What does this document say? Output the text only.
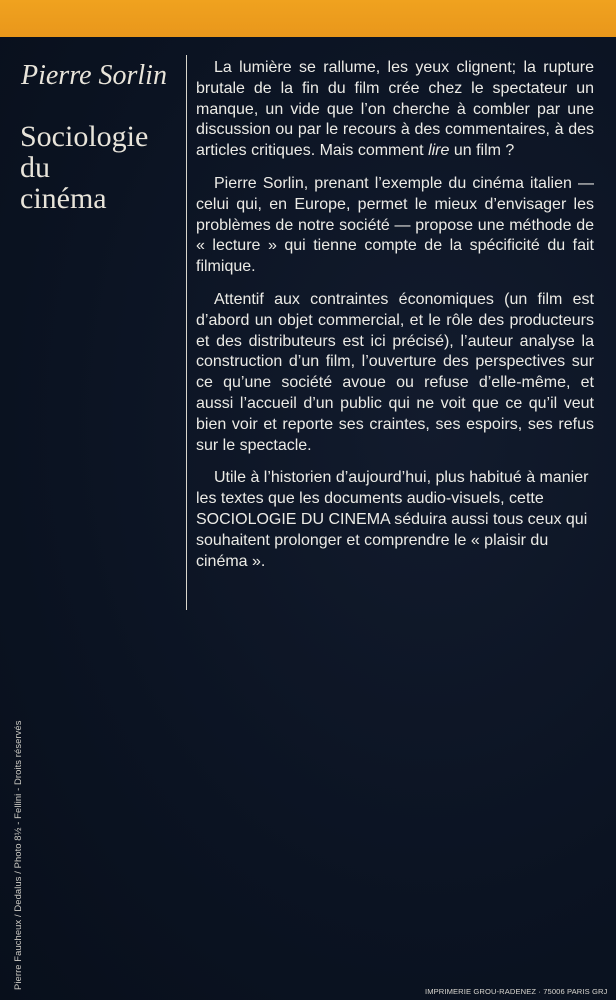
Pierre Sorlin
Sociologie
du
cinéma

La lumière se rallume, les yeux clignent; la rupture brutale de la fin du film crée chez le spectateur un manque, un vide que l’on cherche à combler par une discussion ou par le recours à des commentaires, à des articles critiques. Mais comment lire un film ?

Pierre Sorlin, prenant l’exemple du cinéma italien — celui qui, en Europe, permet le mieux d’envisager les problèmes de notre société — propose une méthode de « lecture » qui tienne compte de la spécificité du fait filmique.

Attentif aux contraintes économiques (un film est d’abord un objet commercial, et le rôle des producteurs et des distributeurs est ici précisé), l’auteur analyse la construction d’un film, l’ouverture des perspectives sur ce qu’une société avoue ou refuse d’elle-même, et aussi l’accueil d’un public qui ne voit que ce qu’il veut bien voir et reporte ses craintes, ses espoirs, ses refus sur le spectacle.

Utile à l’historien d’aujourd’hui, plus habitué à manier les textes que les documents audio-visuels, cette SOCIOLOGIE DU CINEMA séduira aussi tous ceux qui souhaitent prolonger et comprendre le « plaisir du cinéma ».

Pierre Faucheux / Dedalus / Photo 8½ - Fellini - Droits réservés
IMPRIMERIE GROU-RADENEZ · 75006 PARIS GRJ
